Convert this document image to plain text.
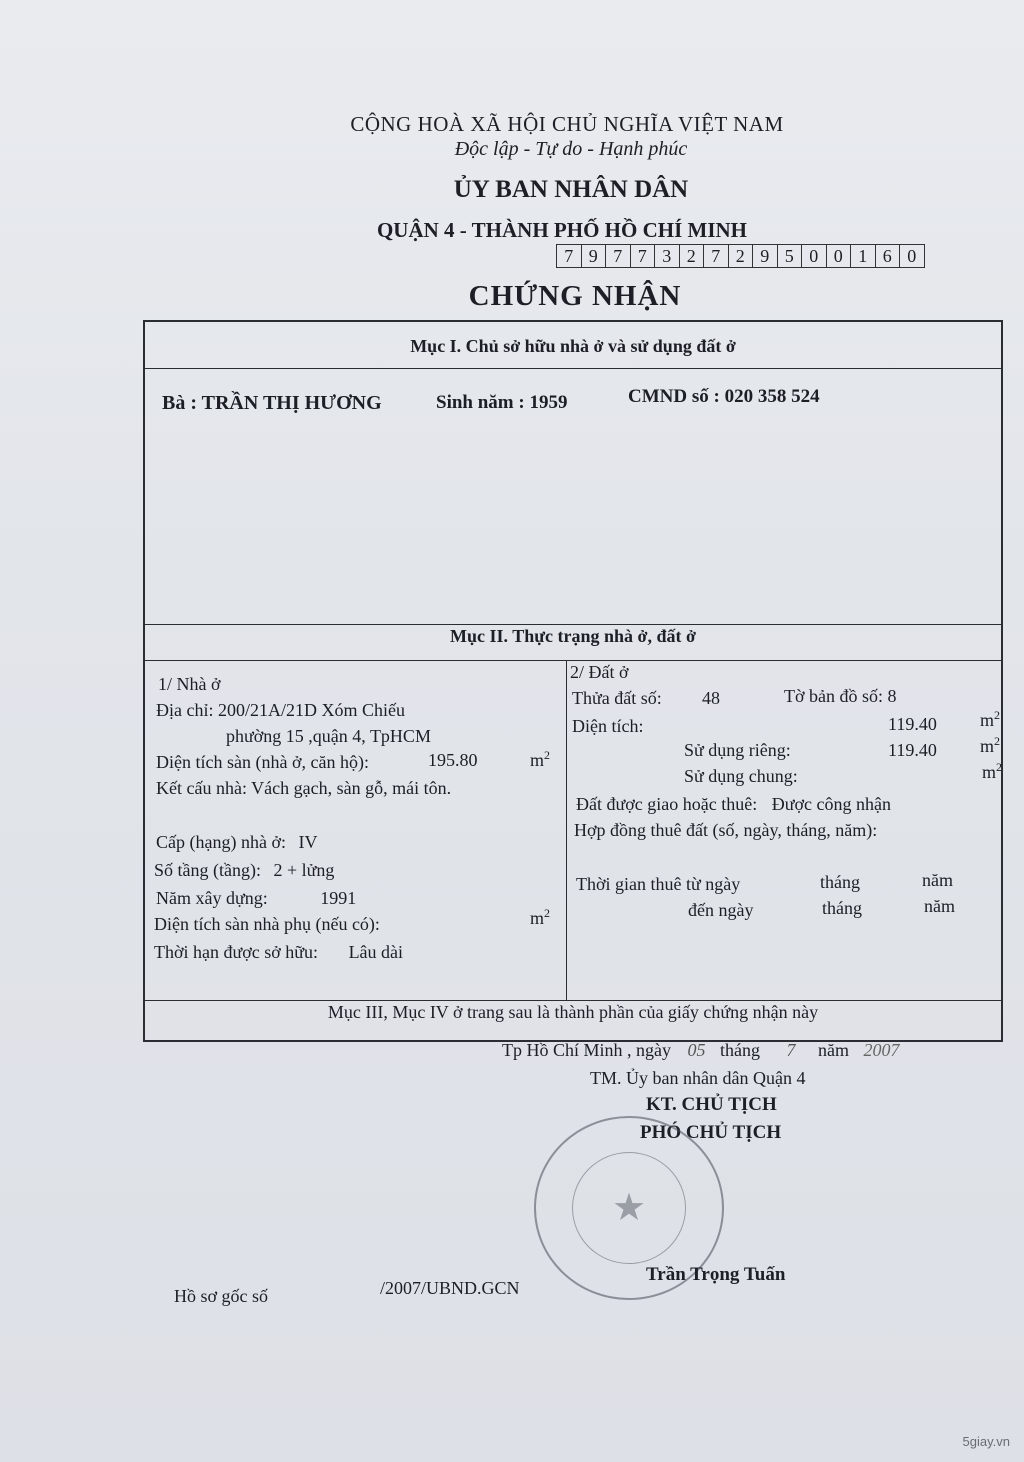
CỘNG HOÀ XÃ HỘI CHỦ NGHĨA VIỆT NAM
Độc lập - Tự do - Hạnh phúc
ỦY BAN NHÂN DÂN
QUẬN 4 - THÀNH PHỐ HỒ CHÍ MINH
7 9 7 7 3 2 7 2 9 5 0 0 1 6 0
CHỨNG NHẬN
Mục I. Chủ sở hữu nhà ở và sử dụng đất ở
Bà : TRẦN THỊ HƯƠNG	Sinh năm : 1959	CMND số : 020 358 524
Mục II. Thực trạng nhà ở, đất ở
1/ Nhà ở
Địa chỉ: 200/21A/21D Xóm Chiếu
phường 15 ,quận 4, TpHCM
Diện tích sàn (nhà ở, căn hộ):	195.80	$m^2$
Kết cấu nhà: Vách gạch, sàn gỗ, mái tôn.
Cấp (hạng) nhà ở: IV
Số tầng (tầng): 2 + lửng
Năm xây dựng:	1991
Diện tích sàn nhà phụ (nếu có):	$m^2$
Thời hạn được sở hữu: Lâu dài
2/ Đất ở
Thửa đất số: 48	Tờ bản đồ số: 8
Diện tích:	119.40 $m^2$
Sử dụng riêng:	119.40 $m^2$
Sử dụng chung:	$m^2$
Đất được giao hoặc thuê: Được công nhận
Hợp đồng thuê đất (số, ngày, tháng, năm):
Thời gian thuê từ ngày	tháng	năm
đến ngày	tháng	năm
Mục III, Mục IV ở trang sau là thành phần của giấy chứng nhận này
Tp Hồ Chí Minh , ngày 05 tháng 7 năm 2007
TM. Ủy ban nhân dân Quận 4
KT. CHỦ TỊCH
PHÓ CHỦ TỊCH
★
Trần Trọng Tuấn
Hồ sơ gốc số	/2007/UBND.GCN
5giay.vn
